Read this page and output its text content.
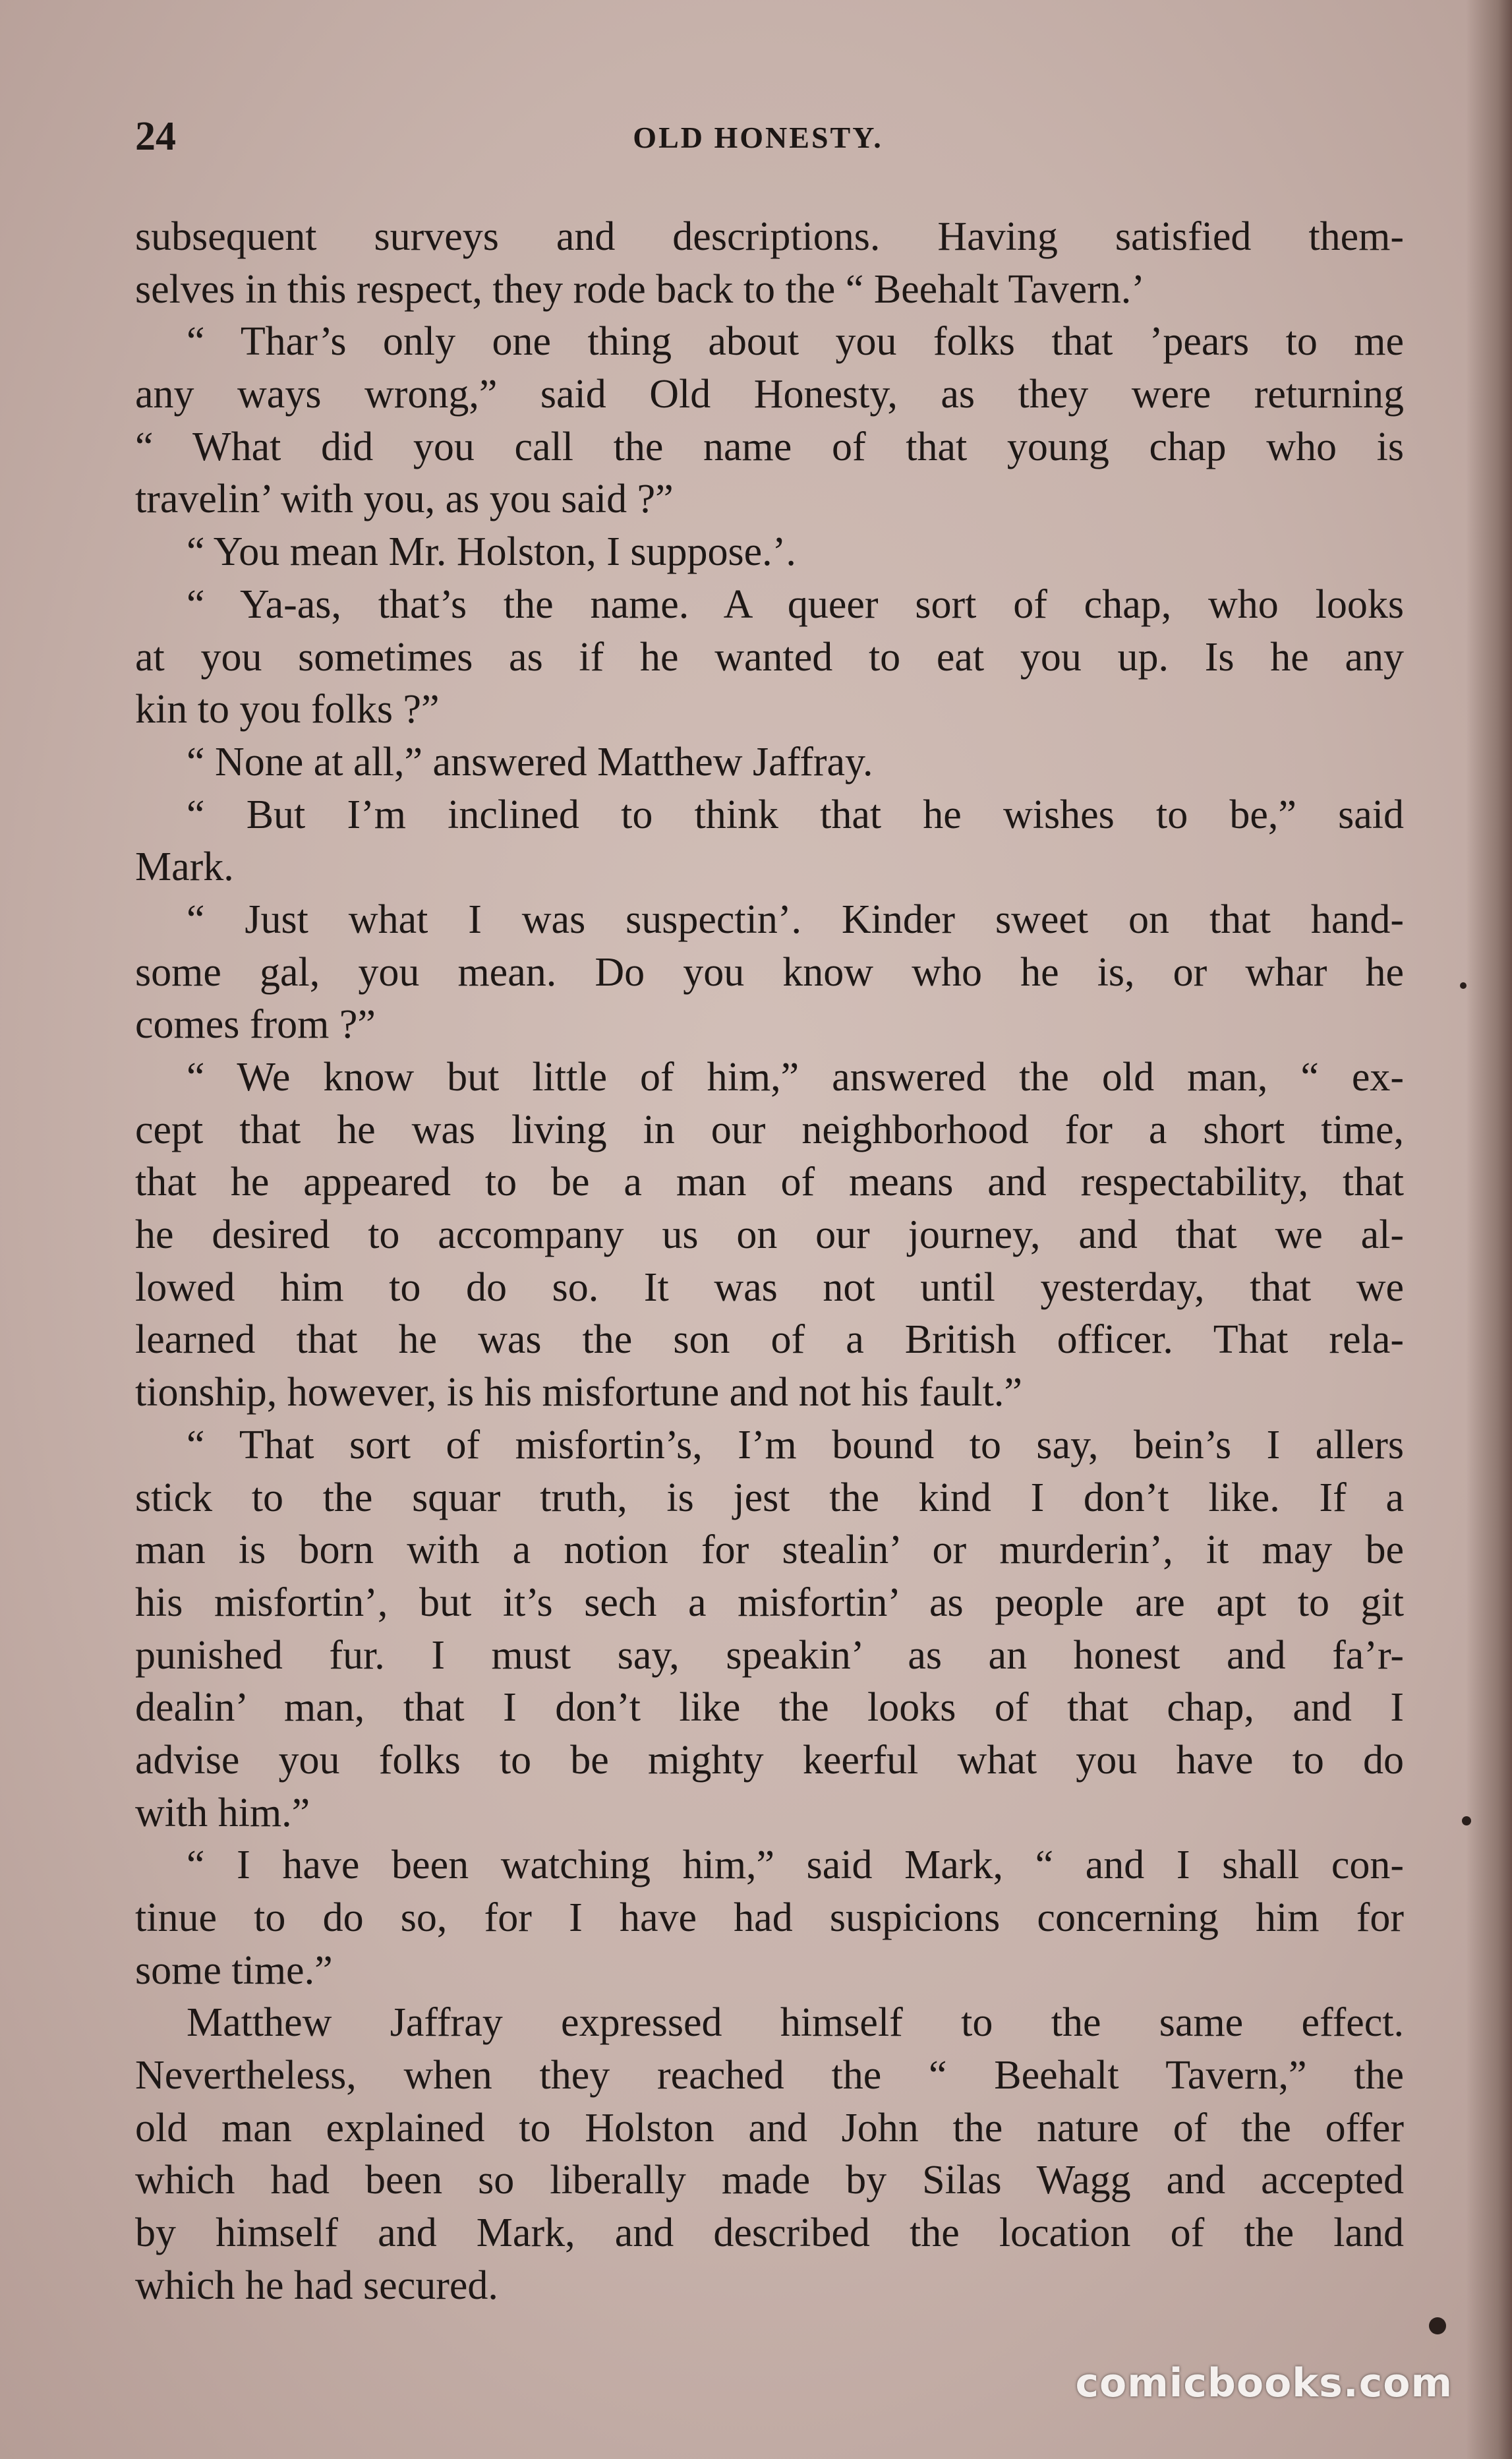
24	OLD HONESTY.
subsequent surveys and descriptions. Having satisfied them-
selves in this respect, they rode back to the “ Beehalt Tavern.’
“ Thar’s only one thing about you folks that ’pears to me
any ways wrong,” said Old Honesty, as they were returning
“ What did you call the name of that young chap who is
travelin’ with you, as you said ?”
“ You mean Mr. Holston, I suppose.’.
“ Ya-as, that’s the name. A queer sort of chap, who looks
at you sometimes as if he wanted to eat you up. Is he any
kin to you folks ?”
“ None at all,” answered Matthew Jaffray.
“ But I’m inclined to think that he wishes to be,” said
Mark.
“ Just what I was suspectin’. Kinder sweet on that hand-
some gal, you mean. Do you know who he is, or whar he
comes from ?”
“ We know but little of him,” answered the old man, “ ex-
cept that he was living in our neighborhood for a short time,
that he appeared to be a man of means and respectability, that
he desired to accompany us on our journey, and that we al-
lowed him to do so. It was not until yesterday, that we
learned that he was the son of a British officer. That rela-
tionship, however, is his misfortune and not his fault.”
“ That sort of misfortin’s, I’m bound to say, bein’s I allers
stick to the squar truth, is jest the kind I don’t like. If a
man is born with a notion for stealin’ or murderin’, it may be
his misfortin’, but it’s sech a misfortin’ as people are apt to git
punished fur. I must say, speakin’ as an honest and fa’r-
dealin’ man, that I don’t like the looks of that chap, and I
advise you folks to be mighty keerful what you have to do
with him.”
“ I have been watching him,” said Mark, “ and I shall con-
tinue to do so, for I have had suspicions concerning him for
some time.”
Matthew Jaffray expressed himself to the same effect.
Nevertheless, when they reached the “ Beehalt Tavern,” the
old man explained to Holston and John the nature of the offer
which had been so liberally made by Silas Wagg and accepted
by himself and Mark, and described the location of the land
which he had secured.
comicbooks.com
